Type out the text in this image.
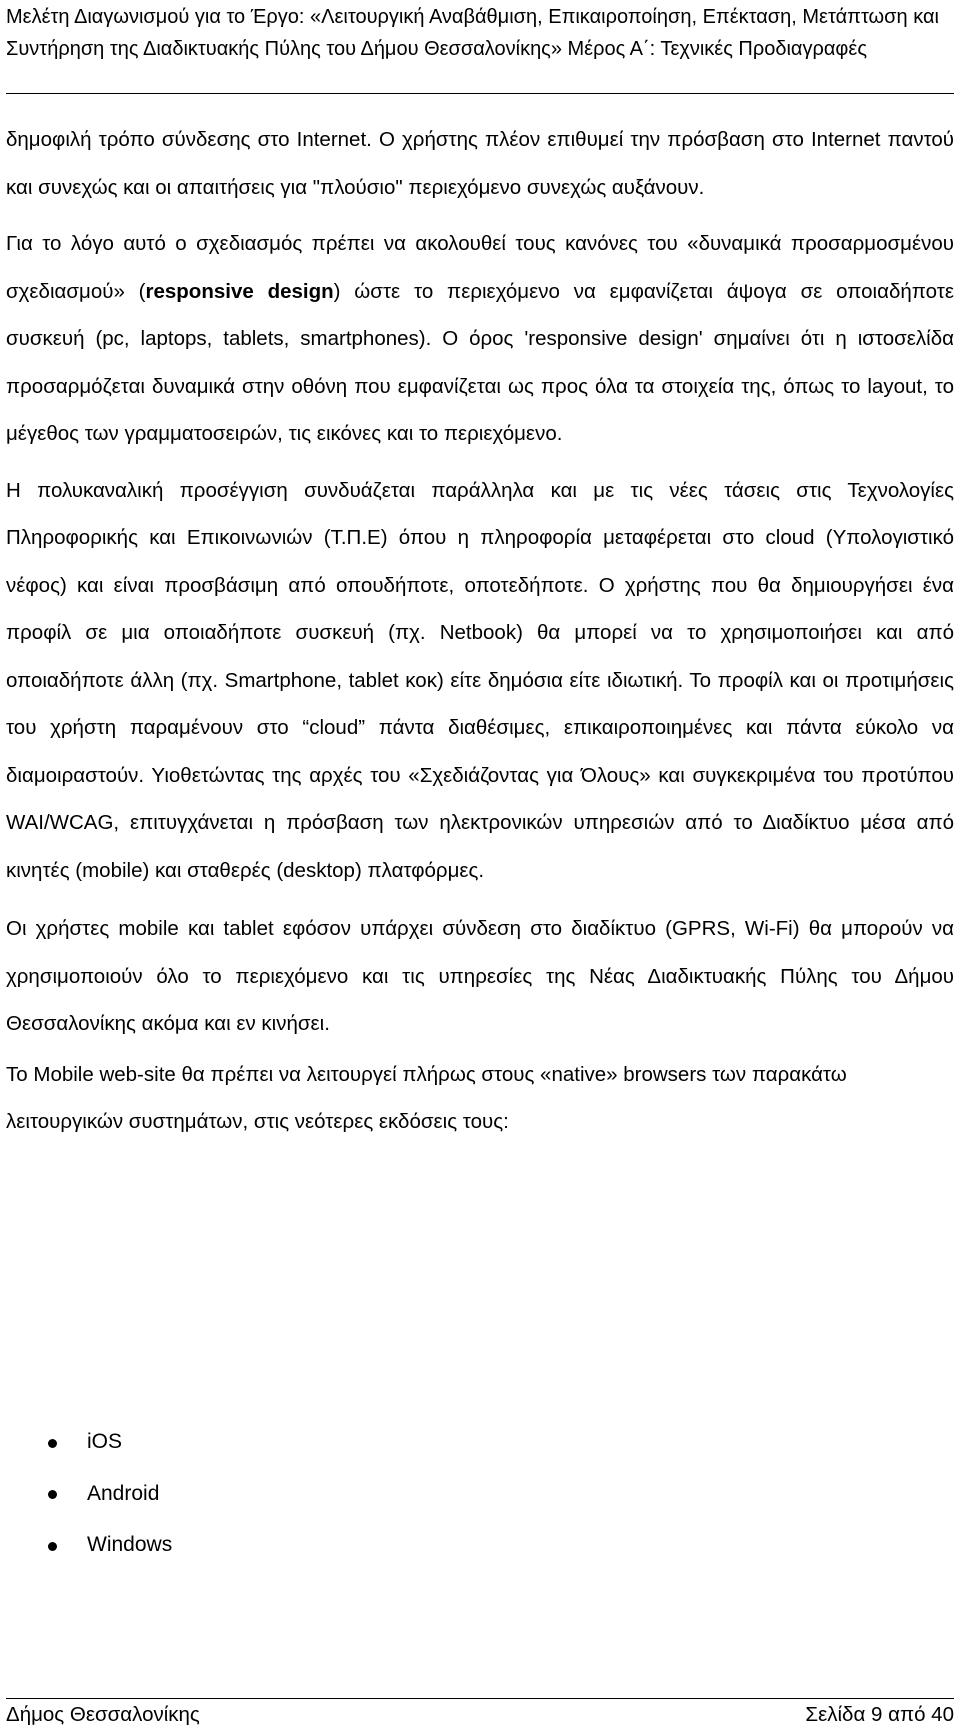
Μελέτη Διαγωνισμού για το Έργο: «Λειτουργική Αναβάθμιση, Επικαιροποίηση, Επέκταση, Μετάπτωση και Συντήρηση της Διαδικτυακής Πύλης του Δήμου Θεσσαλονίκης» Μέρος Α΄: Τεχνικές Προδιαγραφές

δημοφιλή τρόπο σύνδεσης στο Internet. Ο χρήστης πλέον επιθυμεί την πρόσβαση στο Internet παντού και συνεχώς και οι απαιτήσεις για "πλούσιο" περιεχόμενο συνεχώς αυξάνουν.

Για το λόγο αυτό ο σχεδιασμός πρέπει να ακολουθεί τους κανόνες του «δυναμικά προσαρμοσμένου σχεδιασμού» (responsive design) ώστε το περιεχόμενο να εμφανίζεται άψογα σε οποιαδήποτε συσκευή (pc, laptops, tablets, smartphones). Ο όρος 'responsive design' σημαίνει ότι η ιστοσελίδα προσαρμόζεται δυναμικά στην οθόνη που εμφανίζεται ως προς όλα τα στοιχεία της, όπως το layout, το μέγεθος των γραμματοσειρών, τις εικόνες και το περιεχόμενο.

Η πολυκαναλική προσέγγιση συνδυάζεται παράλληλα και με τις νέες τάσεις στις Τεχνολογίες Πληροφορικής και Επικοινωνιών (Τ.Π.Ε) όπου η πληροφορία μεταφέρεται στο cloud (Υπολογιστικό νέφος) και είναι προσβάσιμη από οπουδήποτε, οποτεδήποτε. Ο χρήστης που θα δημιουργήσει ένα προφίλ σε μια οποιαδήποτε συσκευή (πχ. Netbook) θα μπορεί να το χρησιμοποιήσει και από οποιαδήποτε άλλη (πχ. Smartphone, tablet κοκ) είτε δημόσια είτε ιδιωτική. Το προφίλ και οι προτιμήσεις του χρήστη παραμένουν στο “cloud” πάντα διαθέσιμες, επικαιροποιημένες και πάντα εύκολο να διαμοιραστούν. Υιοθετώντας της αρχές του «Σχεδιάζοντας για Όλους» και συγκεκριμένα του προτύπου WAI/WCAG, επιτυγχάνεται η πρόσβαση των ηλεκτρονικών υπηρεσιών από το Διαδίκτυο μέσα από κινητές (mobile) και σταθερές (desktop) πλατφόρμες.

Οι χρήστες mobile και tablet εφόσον υπάρχει σύνδεση στο διαδίκτυο (GPRS, Wi-Fi) θα μπορούν να χρησιμοποιούν όλο το περιεχόμενο και τις υπηρεσίες της Νέας Διαδικτυακής Πύλης του Δήμου Θεσσαλονίκης ακόμα και εν κινήσει.

Το Mobile web-site θα πρέπει να λειτουργεί πλήρως στους «native» browsers των παρακάτω λειτουργικών συστημάτων, στις νεότερες εκδόσεις τους:

iOS
Android
Windows
Δήμος Θεσσαλονίκης	Σελίδα 9 από 40
